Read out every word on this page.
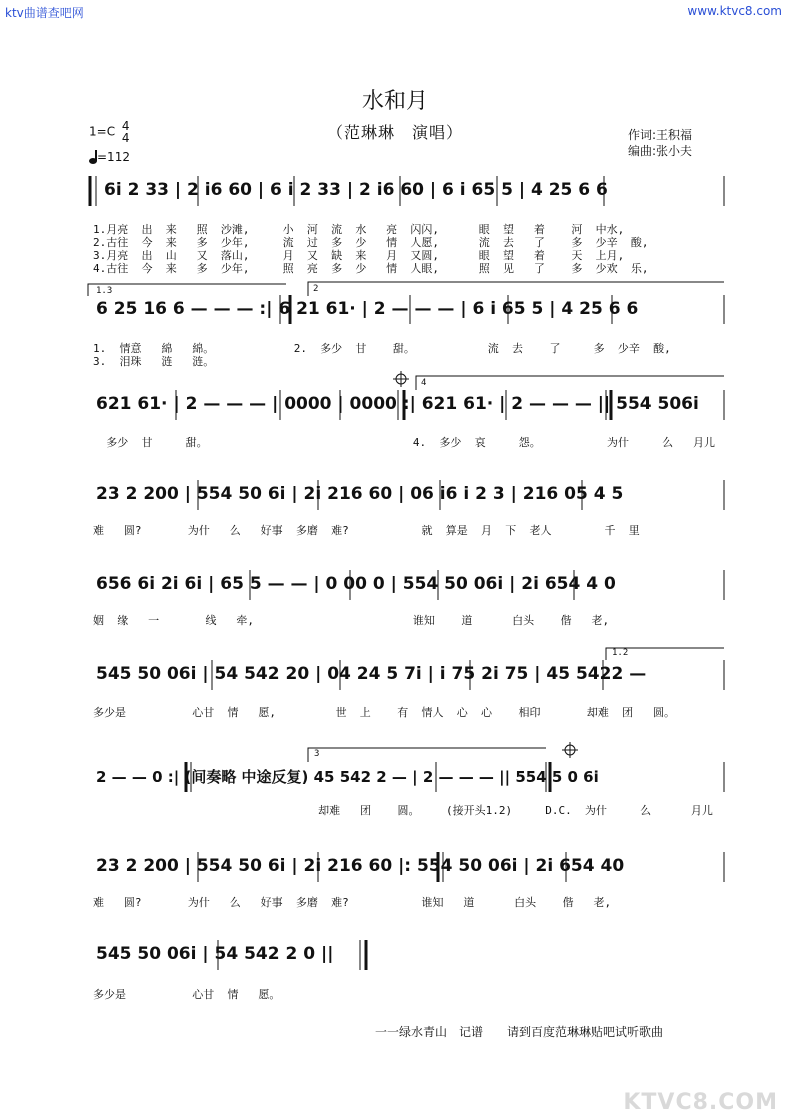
ktv曲谱查吧网	www.ktvc8.com
水和月
（范琳琳　演唱）
1=C 4
4
=112
作词:王积福
编曲:张小夫
1.3	2
4
1.2
3
6i 2 33 | 2 i6 60 | 6 i 2 33 | 2 i6 60 | 6 i 65 5 | 4 25 6 6
1.月亮  出  来   照  沙滩,     小  河  流  水   亮  闪闪,      眼  望   着    河  中水,
2.古往  今  来   多  少年,     流  过  多  少   情  人愿,      流  去   了    多  少辛  酸,
3.月亮  出  山   又  落山,     月  又  缺  来   月  又圆,      眼  望   着    天  上月,
4.古往  今  来   多  少年,     照  亮  多  少   情  人眼,      照  见   了    多  少欢  乐,
6 25 16 6 — — — :| 6 21 61· | 2 — — — | 6 i 65 5 | 4 25 6 6
1.  情意   綿   綿。            2.  多少  甘    甜。           流  去    了     多  少辛  酸,
3.  泪珠   涟   涟。
621 61· | 2 — — — | 0000 | 0000 :| 621 61· | 2 — — — || 554 506i
多少  甘     甜。                               4.  多少  哀     怨。          为什     么   月儿
23 2 200 | 554 50 6i | 2i 216 60 | 06 i6 i 2 3 | 216 05 4 5
难   圆?       为什   么   好事  多磨  难?           就  算是  月  下  老人        千  里
656 6i 2i 6i | 65 5 — — | 0 00 0 | 554 50 06i | 2i 654 4 0
姻  缘   一       线   牵,                        谁知    道      白头    偕   老,
545 50 06i | 54 542 20 | 04 24 5 7i | i 75 2i 75 | 45 5422 —
多少是          心甘  情   愿,         世  上    有  情人  心  心    相印       却难  团   圆。
2 — — 0 :| (间奏略 中途反复) 45 542 2 — | 2 — — — || 554 5 0 6i
却难   团    圆。    (接开头1.2)     D.C.  为什     么      月儿
23 2 200 | 554 50 6i | 2i 216 60 |: 554 50 06i | 2i 654 40
难   圆?       为什   么   好事  多磨  难?           谁知   道      白头    偕   老,
545 50 06i | 54 542 2 0 ||
多少是          心甘  情   愿。
一一绿水青山　记谱　　请到百度范琳琳贴吧试听歌曲
KTVC8.COM
